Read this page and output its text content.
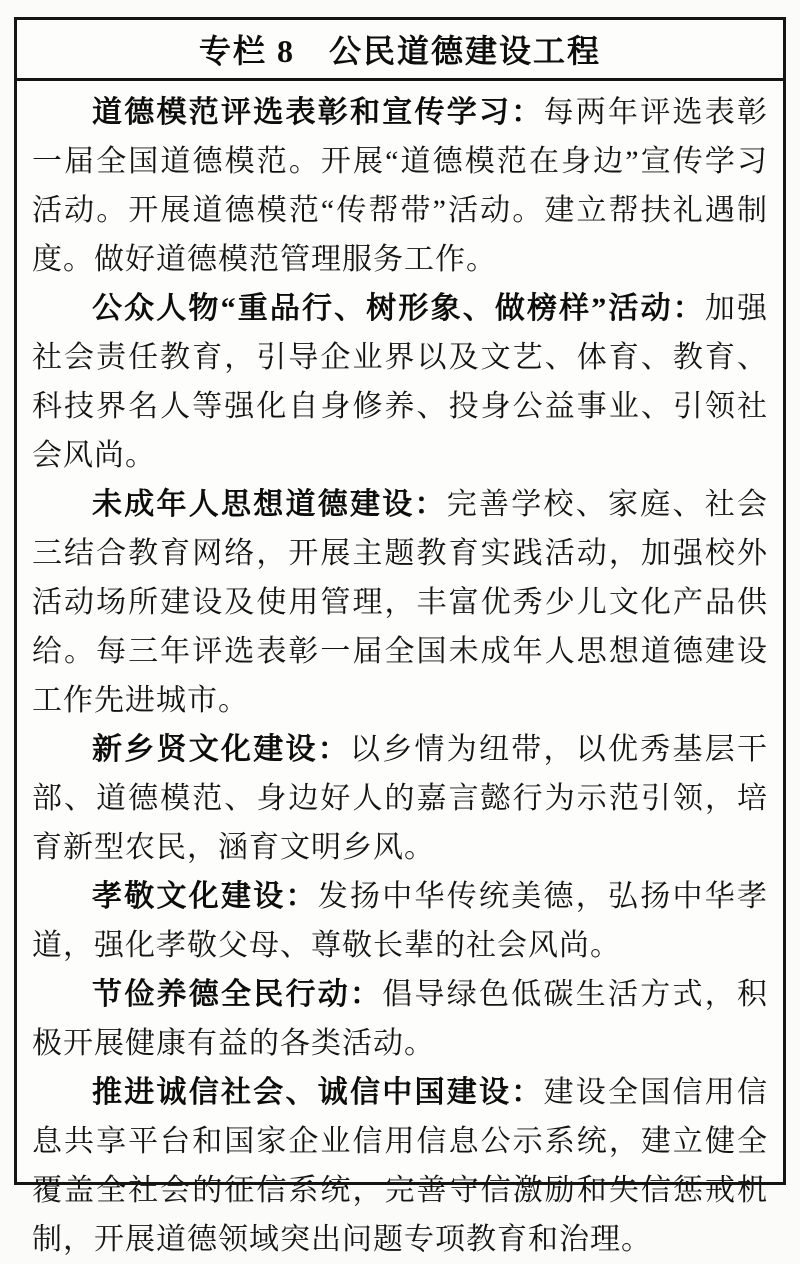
专栏 8　公民道德建设工程

道德模范评选表彰和宣传学习：每两年评选表彰一届全国道德模范。开展“道德模范在身边”宣传学习活动。开展道德模范“传帮带”活动。建立帮扶礼遇制度。做好道德模范管理服务工作。

公众人物“重品行、树形象、做榜样”活动：加强社会责任教育，引导企业界以及文艺、体育、教育、科技界名人等强化自身修养、投身公益事业、引领社会风尚。

未成年人思想道德建设：完善学校、家庭、社会三结合教育网络，开展主题教育实践活动，加强校外活动场所建设及使用管理，丰富优秀少儿文化产品供给。每三年评选表彰一届全国未成年人思想道德建设工作先进城市。

新乡贤文化建设：以乡情为纽带，以优秀基层干部、道德模范、身边好人的嘉言懿行为示范引领，培育新型农民，涵育文明乡风。

孝敬文化建设：发扬中华传统美德，弘扬中华孝道，强化孝敬父母、尊敬长辈的社会风尚。

节俭养德全民行动：倡导绿色低碳生活方式，积极开展健康有益的各类活动。

推进诚信社会、诚信中国建设：建设全国信用信息共享平台和国家企业信用信息公示系统，建立健全覆盖全社会的征信系统，完善守信激励和失信惩戒机制，开展道德领域突出问题专项教育和治理。
